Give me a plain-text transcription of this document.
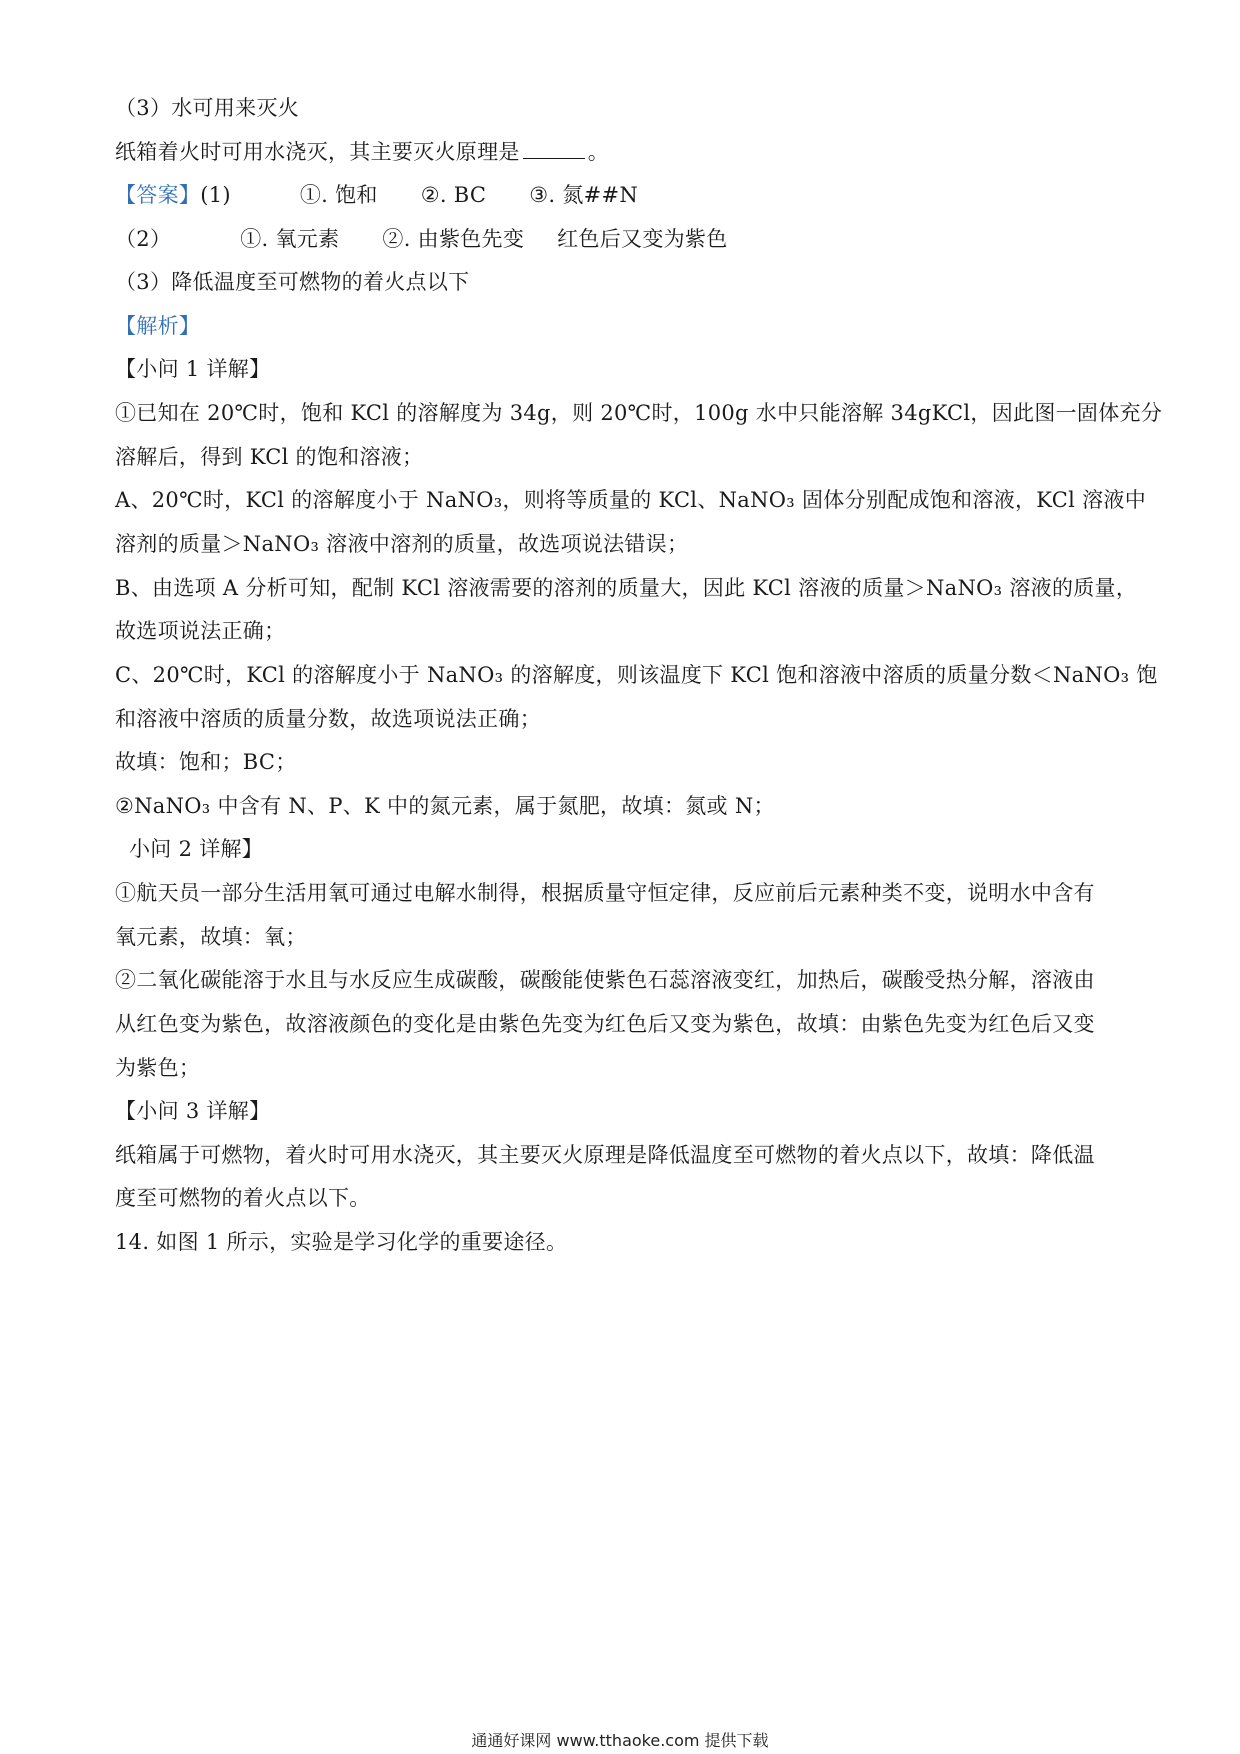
（3）水可用来灭火
纸箱着火时可用水浇灭，其主要灭火原理是	。
【答案】(1)	①. 饱和 ②. BC ③. 氮##N
（2）	①. 氧元素 ②. 由紫色先变 红色后又变为紫色
（3）降低温度至可燃物的着火点以下
【解析】
【小问 1 详解】
①已知在 20℃时，饱和 KCl 的溶解度为 34g，则 20℃时，100g 水中只能溶解 34gKCl，因此图一固体充分
溶解后，得到 KCl 的饱和溶液；
A、20℃时，KCl 的溶解度小于 NaNO₃，则将等质量的 KCl、NaNO₃ 固体分别配成饱和溶液，KCl 溶液中
溶剂的质量＞NaNO₃ 溶液中溶剂的质量，故选项说法错误；
B、由选项 A 分析可知，配制 KCl 溶液需要的溶剂的质量大，因此 KCl 溶液的质量＞NaNO₃ 溶液的质量，
故选项说法正确；
C、20℃时，KCl 的溶解度小于 NaNO₃ 的溶解度，则该温度下 KCl 饱和溶液中溶质的质量分数＜NaNO₃ 饱
和溶液中溶质的质量分数，故选项说法正确；
故填：饱和；BC；
②NaNO₃ 中含有 N、P、K 中的氮元素，属于氮肥，故填：氮或 N；
小问 2 详解】
①航天员一部分生活用氧可通过电解水制得，根据质量守恒定律，反应前后元素种类不变，说明水中含有
氧元素，故填：氧；
②二氧化碳能溶于水且与水反应生成碳酸，碳酸能使紫色石蕊溶液变红，加热后，碳酸受热分解，溶液由
从红色变为紫色，故溶液颜色的变化是由紫色先变为红色后又变为紫色，故填：由紫色先变为红色后又变
为紫色；
【小问 3 详解】
纸箱属于可燃物，着火时可用水浇灭，其主要灭火原理是降低温度至可燃物的着火点以下，故填：降低温
度至可燃物的着火点以下。
14. 如图 1 所示，实验是学习化学的重要途径。
通通好课网 www.tthaoke.com 提供下载
